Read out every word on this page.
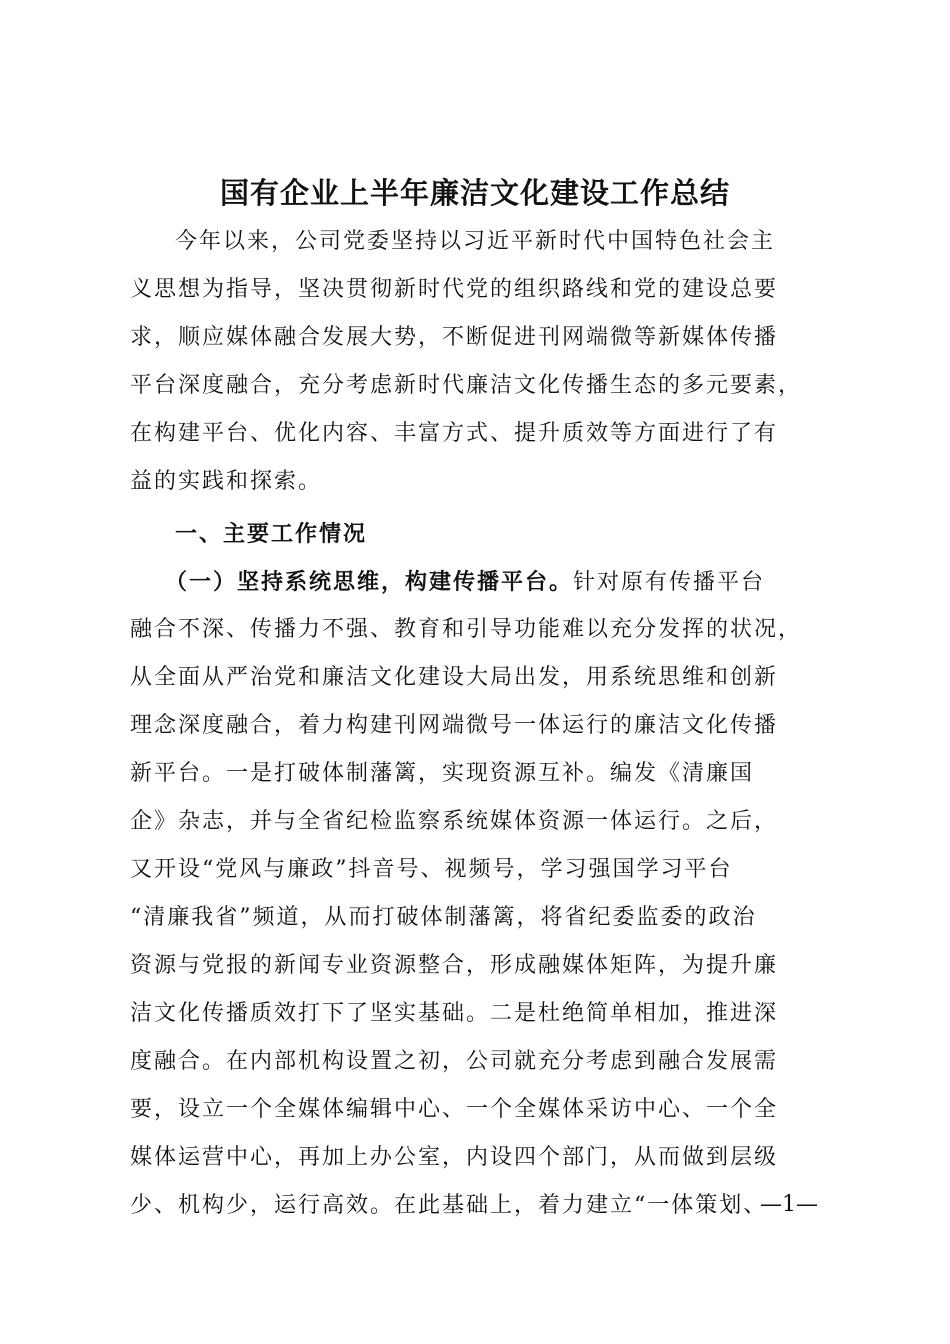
国有企业上半年廉洁文化建设工作总结

今年以来，公司党委坚持以习近平新时代中国特色社会主

义思想为指导，坚决贯彻新时代党的组织路线和党的建设总要

求，顺应媒体融合发展大势，不断促进刊网端微等新媒体传播

平台深度融合，充分考虑新时代廉洁文化传播生态的多元要素，

在构建平台、优化内容、丰富方式、提升质效等方面进行了有

益的实践和探索。

一、主要工作情况

（一）坚持系统思维，构建传播平台。针对原有传播平台

融合不深、传播力不强、教育和引导功能难以充分发挥的状况，

从全面从严治党和廉洁文化建设大局出发，用系统思维和创新

理念深度融合，着力构建刊网端微号一体运行的廉洁文化传播

新平台。一是打破体制藩篱，实现资源互补。编发《清廉国

企》杂志，并与全省纪检监察系统媒体资源一体运行。之后，

又开设“党风与廉政”抖音号、视频号，学习强国学习平台

“清廉我省”频道，从而打破体制藩篱，将省纪委监委的政治

资源与党报的新闻专业资源整合，形成融媒体矩阵，为提升廉

洁文化传播质效打下了坚实基础。二是杜绝简单相加，推进深

度融合。在内部机构设置之初，公司就充分考虑到融合发展需

要，设立一个全媒体编辑中心、一个全媒体采访中心、一个全

媒体运营中心，再加上办公室，内设四个部门，从而做到层级

少、机构少，运行高效。在此基础上，着力建立“一体策划、

—1—
